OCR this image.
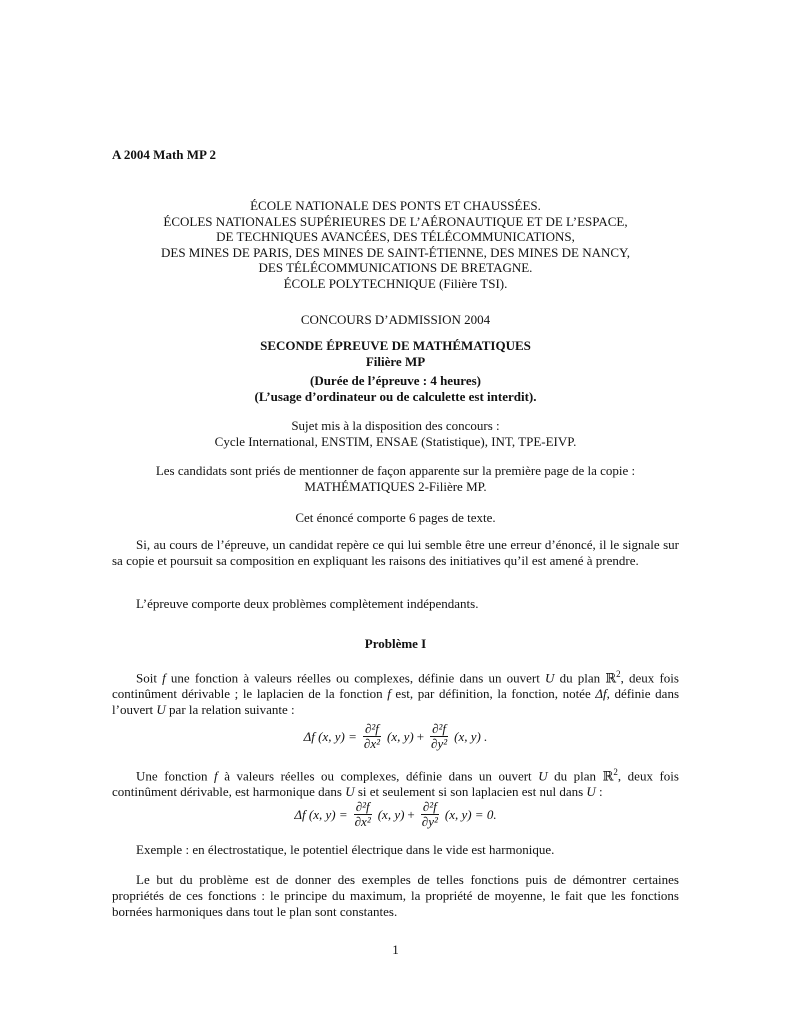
A 2004 Math MP 2
ÉCOLE NATIONALE DES PONTS ET CHAUSSÉES.
ÉCOLES NATIONALES SUPÉRIEURES DE L’AÉRONAUTIQUE ET DE L’ESPACE,
DE TECHNIQUES AVANCÉES, DES TÉLÉCOMMUNICATIONS,
DES MINES DE PARIS, DES MINES DE SAINT-ÉTIENNE, DES MINES DE NANCY,
DES TÉLÉCOMMUNICATIONS DE BRETAGNE.
ÉCOLE POLYTECHNIQUE (Filière TSI).
CONCOURS D’ADMISSION 2004
SECONDE ÉPREUVE DE MATHÉMATIQUES
Filière MP
(Durée de l’épreuve : 4 heures)
(L’usage d’ordinateur ou de calculette est interdit).
Sujet mis à la disposition des concours :
Cycle International, ENSTIM, ENSAE (Statistique), INT, TPE-EIVP.
Les candidats sont priés de mentionner de façon apparente sur la première page de la copie :
MATHÉMATIQUES 2-Filière MP.
Cet énoncé comporte 6 pages de texte.
Si, au cours de l’épreuve, un candidat repère ce qui lui semble être une erreur d’énoncé, il le signale sur sa copie et poursuit sa composition en expliquant les raisons des initiatives qu’il est amené à prendre.
L’épreuve comporte deux problèmes complètement indépendants.
Problème I
Soit f une fonction à valeurs réelles ou complexes, définie dans un ouvert U du plan ℝ$^2$, deux fois continûment dérivable ; le laplacien de la fonction f est, par définition, la fonction, notée Δf, définie dans l’ouvert U par la relation suivante :
Δf (x, $y) = \frac{\text{∂²f}}{\text{∂x²}} (x$, $y) + \frac{\text{∂²f}}{\text{∂y²}} (x$, y) .
Une fonction f à valeurs réelles ou complexes, définie dans un ouvert U du plan ℝ$^2$, deux fois continûment dérivable, est harmonique dans U si et seulement si son laplacien est nul dans U :
Δf (x, $y) = \frac{\text{∂²f}}{\text{∂x²}} (x$, $y) + \frac{\text{∂²f}}{\text{∂y²}} (x$, y) = 0.
Exemple : en électrostatique, le potentiel électrique dans le vide est harmonique.
Le but du problème est de donner des exemples de telles fonctions puis de démontrer certaines propriétés de ces fonctions : le principe du maximum, la propriété de moyenne, le fait que les fonctions bornées harmoniques dans tout le plan sont constantes.
1
